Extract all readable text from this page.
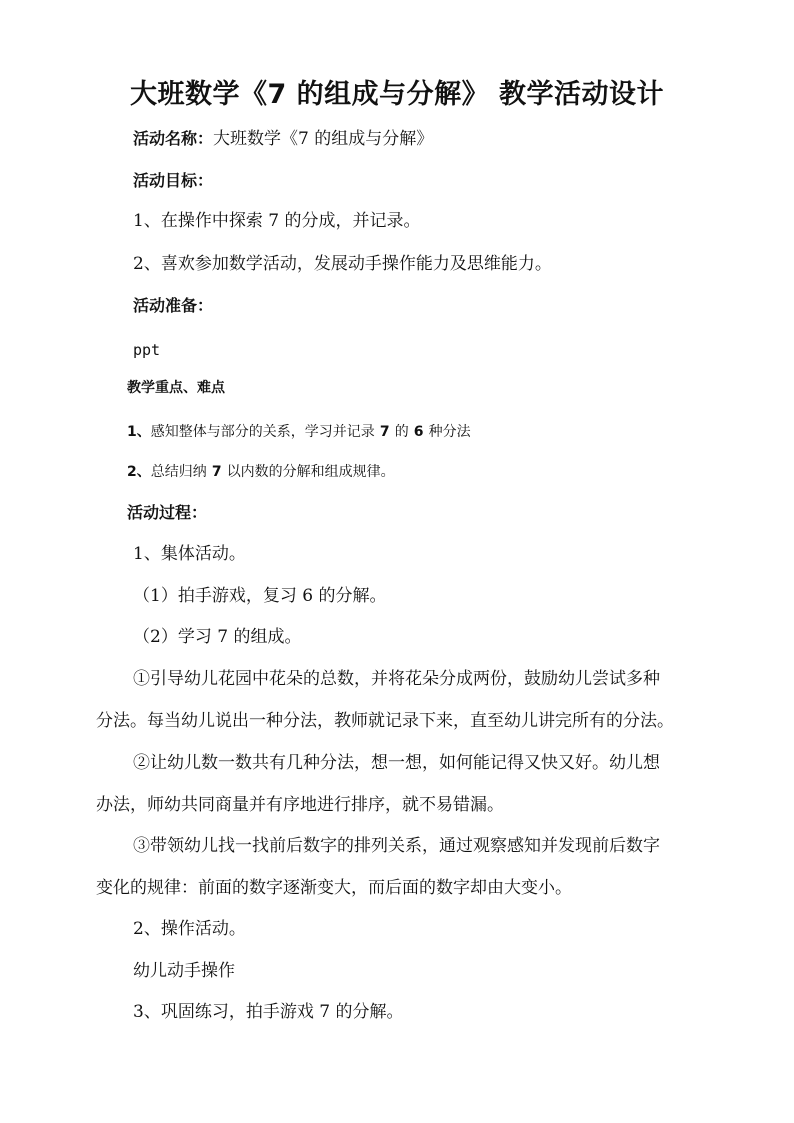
大班数学《7 的组成与分解》 教学活动设计
活动名称：大班数学《7 的组成与分解》
活动目标：
1、在操作中探索 7 的分成，并记录。
2、喜欢参加数学活动，发展动手操作能力及思维能力。
活动准备：
ppt
教学重点、难点
1、感知整体与部分的关系，学习并记录 7 的 6 种分法
2、总结归纳 7 以内数的分解和组成规律。
活动过程：
1、集体活动。
（1）拍手游戏，复习 6 的分解。
（2）学习 7 的组成。
①引导幼儿花园中花朵的总数，并将花朵分成两份，鼓励幼儿尝试多种
分法。每当幼儿说出一种分法，教师就记录下来，直至幼儿讲完所有的分法。
②让幼儿数一数共有几种分法，想一想，如何能记得又快又好。幼儿想
办法，师幼共同商量并有序地进行排序，就不易错漏。
③带领幼儿找一找前后数字的排列关系，通过观察感知并发现前后数字
变化的规律：前面的数字逐渐变大，而后面的数字却由大变小。
2、操作活动。
幼儿动手操作
3、巩固练习，拍手游戏 7 的分解。
